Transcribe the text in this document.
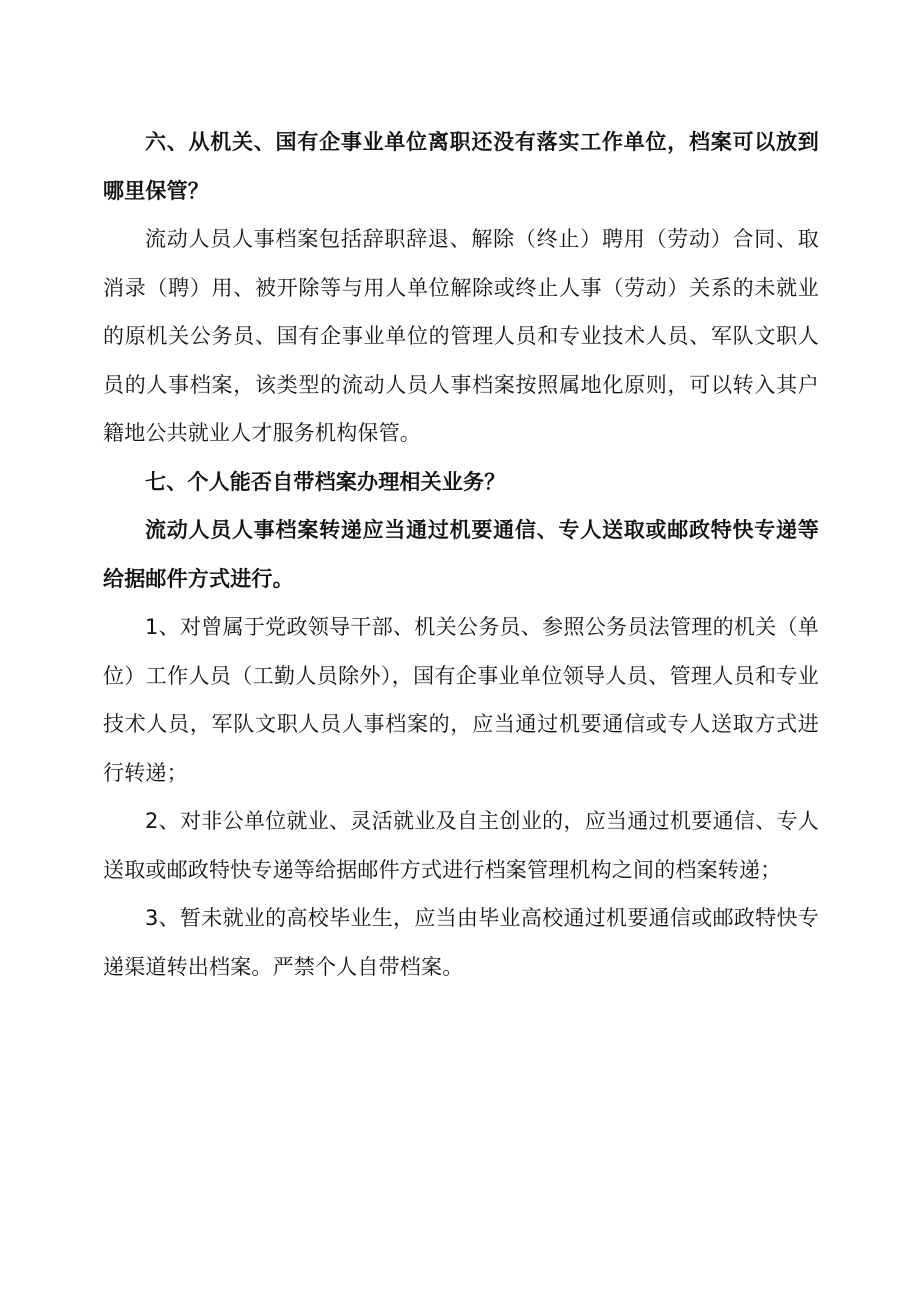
六、从机关、国有企事业单位离职还没有落实工作单位，档案可以放到哪里保管？

流动人员人事档案包括辞职辞退、解除（终止）聘用（劳动）合同、取消录（聘）用、被开除等与用人单位解除或终止人事（劳动）关系的未就业的原机关公务员、国有企事业单位的管理人员和专业技术人员、军队文职人员的人事档案，该类型的流动人员人事档案按照属地化原则，可以转入其户籍地公共就业人才服务机构保管。

七、个人能否自带档案办理相关业务？

流动人员人事档案转递应当通过机要通信、专人送取或邮政特快专递等给据邮件方式进行。

1、对曾属于党政领导干部、机关公务员、参照公务员法管理的机关（单位）工作人员（工勤人员除外），国有企事业单位领导人员、管理人员和专业技术人员，军队文职人员人事档案的，应当通过机要通信或专人送取方式进行转递；

2、对非公单位就业、灵活就业及自主创业的，应当通过机要通信、专人送取或邮政特快专递等给据邮件方式进行档案管理机构之间的档案转递；

3、暂未就业的高校毕业生，应当由毕业高校通过机要通信或邮政特快专递渠道转出档案。严禁个人自带档案。
